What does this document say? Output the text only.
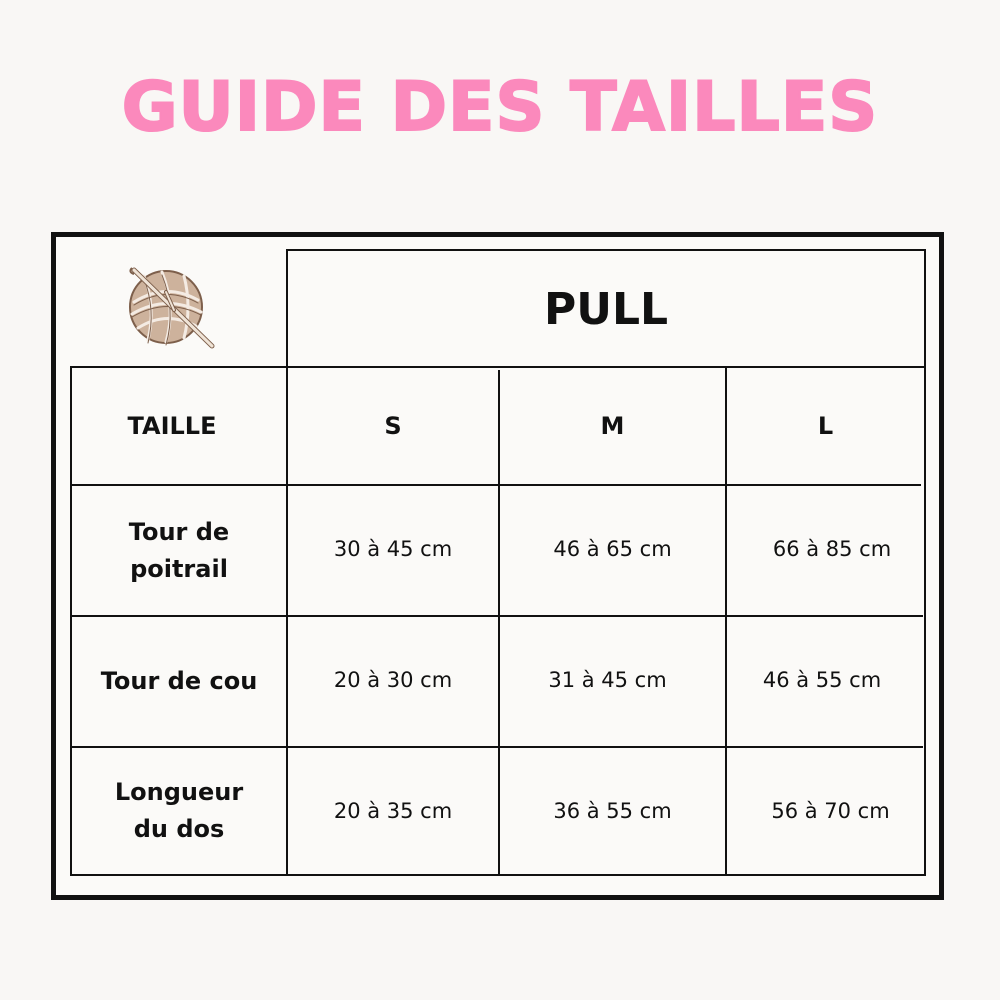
GUIDE DES TAILLES
PULL
TAILLE	S	M	L
Tour de
poitrail
30 à 45 cm	46 à 65 cm	66 à 85 cm
Tour de cou	20 à 30 cm	31 à 45 cm	46 à 55 cm
Longueur
du dos
20 à 35 cm	36 à 55 cm	56 à 70 cm
